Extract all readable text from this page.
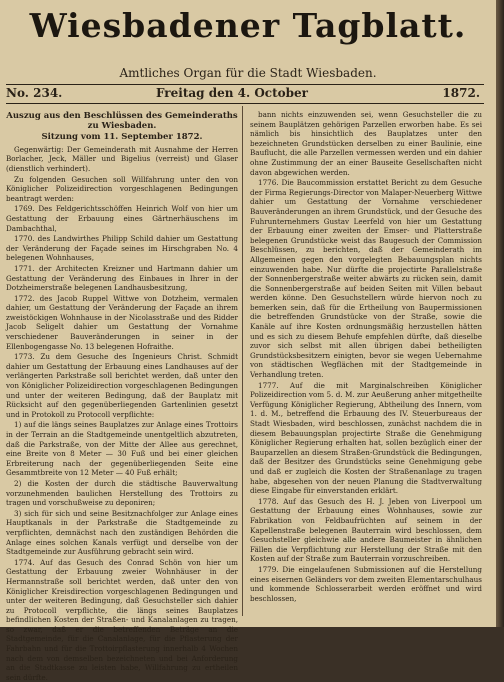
Wiesbadener Tagblatt.
Amtliches Organ für die Stadt Wiesbaden.
No. 234.	Freitag den 4. October	1872.

Auszug aus den Beschlüssen des Gemeinderaths zu Wiesbaden.

Sitzung vom 11. September 1872.

Gegenwärtig: Der Gemeinderath mit Ausnahme der Herren Borlacher, Jeck, Mäller und Bigelius (verreist) und Glaser (dienstlich verhindert).

Zu folgenden Gesuchen soll Willfahrung unter den von Königlicher Polizeidirection vorgeschlagenen Bedingungen beantragt werden:

1769. Des Feldgerichtsschöffen Heinrich Wolf von hier um Gestattung der Erbauung eines Gärtnerhäuschens im Dambachthal,

1770. des Landwirthes Philipp Schild dahier um Gestattung der Veränderung der Façade seines im Hirschgraben No. 4 belegenen Wohnhauses,

1771. der Architecten Kreizner und Hartmann dahier um Gestattung der Veränderung des Einbaues in Ihrer in der Dotzheimerstraße belegenen Landhausbesitzung,

1772. des Jacob Ruppel Wittwe von Dotzheim, vermalen dahier, um Gestattung der Veränderung der Façade an ihrem zweistöckigen Wohnhause in der Nicolasstraße und des Ridder Jacob Seligelt dahier um Gestattung der Vornahme verschiedener Bauveränderungen in seiner in der Ellenbogengasse No. 13 belegenen Hofraithe.

1773. Zu dem Gesuche des Ingenieurs Christ. Schmidt dahier um Gestattung der Erbauung eines Landhauses auf der verlängerten Parkstraße soll berichtet werden, daß unter den von Königlicher Polizeidirection vorgeschlagenen Bedingungen und unter der weiteren Bedingung, daß der Bauplatz mit Rücksicht auf den gegenüberliegenden Gartenlinien gesetzt und in Protokoll zu Protocoll verpflichte:

1) auf die längs seines Bauplatzes zur Anlage eines Trottoirs in der Terrain an die Stadtgemeinde unentgeltlich abzutreten, daß die Parkstraße, von der Mitte der Allee aus gerechnet, eine Breite von 8 Meter — 30 Fuß und bei einer gleichen Erbreiterung nach der gegenüberliegenden Seite eine Gesammtbreite von 12 Meter — 40 Fuß erhält;

2) die Kosten der durch die städtische Bauverwaltung vorzunehmenden baulichen Herstellung des Trottoirs zu tragen und vorschußweise zu deponiren;

3) sich für sich und seine Besitznachfolger zur Anlage eines Hauptkanals in der Parkstraße die Stadtgemeinde zu verpflichten, demnächst nach den zuständigen Behörden die Anlage eines solchen Kanals verfügt und derselbe von der Stadtgemeinde zur Ausführung gebracht sein wird.

1774. Auf das Gesuch des Conrad Schön von hier um Gestattung der Erbauung zweier Wohnhäuser in der Hermannstraße soll berichtet werden, daß unter den von Königlicher Kreisdirection vorgeschlagenen Bedingungen und unter der weiteren Bedingung, daß Gesuchsteller sich dahier zu Protocoll verpflichte, die längs seines Bauplatzes befindlichen Kosten der Straßen- und Kanalanlagen zu tragen, so zwar, daß er die betreffenden Beträge an die Stadtgemeinde, für die Canalanlage, für die Pflasterung der Fahrbahn und für die Trottoirpflasterung innerhalb 4 Wochen nach dem von demselben bezeichneten und bei Anforderung an die Stadtkasse zu leisten habe, Willfahrung zu ertheilen sein dürfte.

bann nichts einzuwenden sei, wenn Gesuchsteller die zu seinem Bauplätzen gehörigen Parzellen erworben habe. Es sei nämlich bis hinsichtlich des Bauplatzes unter den bezeichneten Grundstücken derselben zu einer Baulinie, eine Bauflucht, die alle Parzellen vermessen werden und ein dahier ohne Zustimmung der an einer Bauseite Gesellschaften nicht davon abgewichen werden.

1776. Die Baucommission erstattet Bericht zu dem Gesuche der Firma Regierungs-Director von Malaper-Neuerberg Wittwe dahier um Gestattung der Vornahme verschiedener Bauveränderungen an ihrem Grundstück, und der Gesuche des Fuhrunternehmers Gustav Leerfeld von hier um Gestattung der Erbauung einer zweiten der Emser- und Platterstraße belegenen Grundstücke weist das Baugesuch der Commission Beschlüssen, zu berichten, daß der Gemeinderath im Allgemeinen gegen den vorgelegten Bebauungsplan nichts einzuwenden habe. Nur dürfte die projectirte Parallelstraße der Sonnenbergerstraße weiter abwärts zu rücken sein, damit die Sonnenbergerstraße auf beiden Seiten mit Villen bebaut werden könne. Den Gesuchstellern würde hiervon noch zu bemerken sein, daß für die Ertheilung von Baupermissionen die betreffenden Grundstücke von der Straße, sowie die Kanäle auf ihre Kosten ordnungsmäßig herzustellen hätten und es sich zu diesem Behufe empfehlen dürfte, daß dieselbe zuvor sich selbst mit allen übrigen dabei betheiligten Grundstücksbesitzern einigten, bevor sie wegen Uebernahme von städtischen Wegflächen mit der Stadtgemeinde in Verhandlung treten.

1777. Auf die mit Marginalschreiben Königlicher Polizeidirection vom 5. d. M. zur Aeußerung anher mitgetheilte Verfügung Königlicher Regierung, Abtheilung des Innern, vom 1. d. M., betreffend die Erbauung des IV. Steuerbureaus der Stadt Wiesbaden, wird beschlossen, zunächst nachdem die in diesem Bebauungsplan projectirte Straße die Genehmigung Königlicher Regierung erhalten hat, sollen bezüglich einer der Bauparzellen an diesem Straßen-Grundstück die Bedingungen, daß der Besitzer des Grundstücks seine Genehmigung gebe und daß er zugleich die Kosten der Straßenanlage zu tragen habe, abgesehen von der neuen Planung die Stadtverwaltung diese Eingabe für einverstanden erklärt.

1778. Auf das Gesuch des H. J. Jeben von Liverpool um Gestattung der Erbauung eines Wohnhauses, sowie zur Fabrikation von Feldbaufrüchten auf seinem in der Kapellenstraße belegenen Bauterrain wird beschlossen, dem Gesuchsteller gleichwie alle andere Baumeister in ähnlichen Fällen die Verpflichtung zur Herstellung der Straße mit den Kosten auf der Straße zum Bauterrain vorzuschreiben.

1779. Die eingelaufenen Submissionen auf die Herstellung eines eisernen Geländers vor dem zweiten Elementarschulhaus und kommende Schlosserarbeit werden eröffnet und wird beschlossen,
